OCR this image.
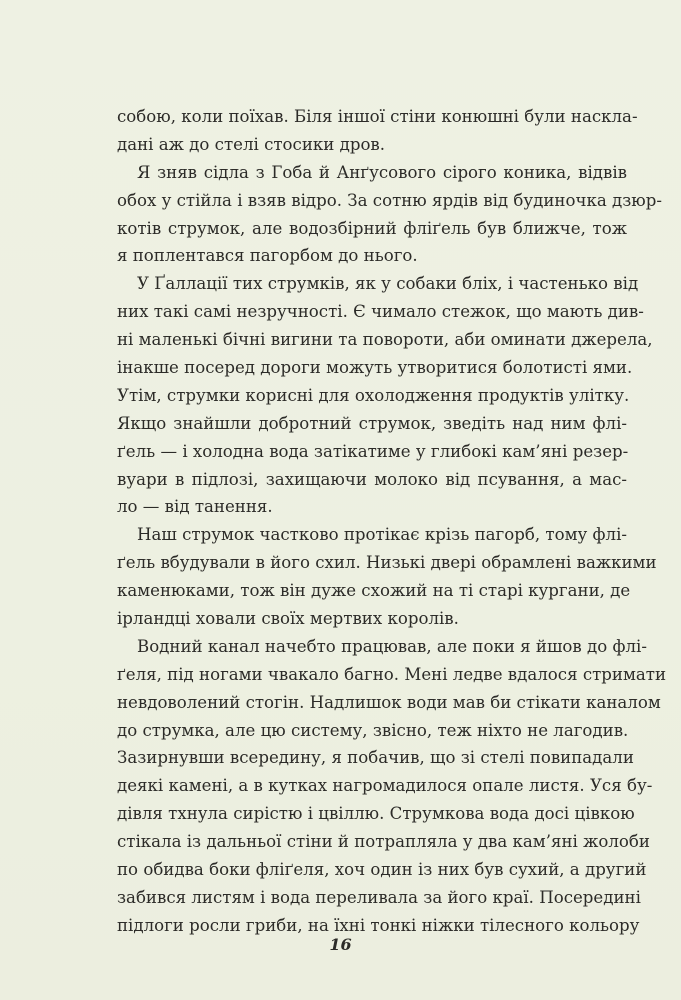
собою, коли поїхав. Біля іншої стіни конюшні були наскла-
дані аж до стелі стосики дров.
Я зняв сідла з Гоба й Анґусового сірого коника, відвів
обох у стійла і взяв відро. За сотню ярдів від будиночка дзюр-
котів струмок, але водозбірний фліґель був ближче, тож
я поплентався пагорбом до нього.
У Ґаллації тих струмків, як у собаки бліх, і частенько від
них такі самі незручності. Є чимало стежок, що мають див-
ні маленькі бічні вигини та повороти, аби оминати джерела,
інакше посеред дороги можуть утворитися болотисті ями.
Утім, струмки корисні для охолодження продуктів улітку.
Якщо знайшли добротний струмок, зведіть над ним флі-
ґель — і холодна вода затікатиме у глибокі кам’яні резер-
вуари в підлозі, захищаючи молоко від псування, а мас-
ло — від танення.
Наш струмок частково протікає крізь пагорб, тому флі-
ґель вбудували в його схил. Низькі двері обрамлені важкими
каменюками, тож він дуже схожий на ті старі кургани, де
ірландці ховали своїх мертвих королів.
Водний канал начебто працював, але поки я йшов до флі-
ґеля, під ногами чвакало багно. Мені ледве вдалося стримати
невдоволений стогін. Надлишок води мав би стікати каналом
до струмка, але цю систему, звісно, теж ніхто не лагодив.
Зазирнувши всередину, я побачив, що зі стелі повипадали
деякі камені, а в кутках нагромадилося опале листя. Уся бу-
дівля тхнула сирістю і цвіллю. Струмкова вода досі цівкою
стікала із дальньої стіни й потрапляла у два кам’яні жолоби
по обидва боки фліґеля, хоч один із них був сухий, а другий
забився листям і вода переливала за його краї. Посередині
підлоги росли гриби, на їхні тонкі ніжки тілесного кольору
16
